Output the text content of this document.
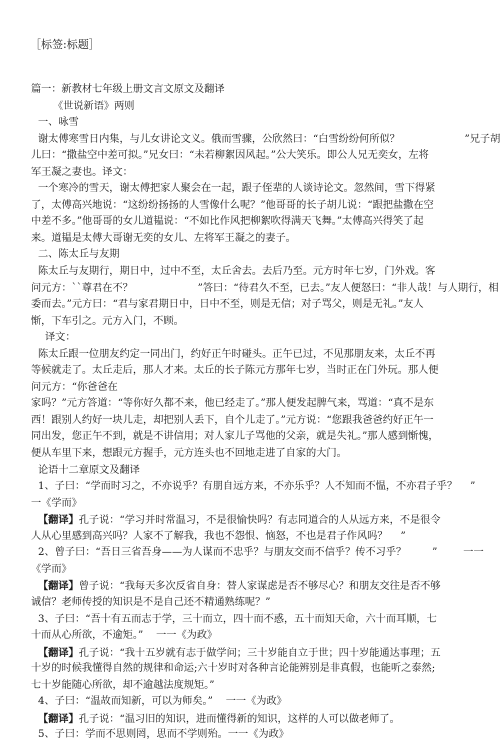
［标签:标题］
篇一：新教材七年级上册文言文原文及翻译
《世说新语》两则
一、咏雪
谢太傅寒雪日内集，与儿女讲论文义。俄而雪骤，公欣然曰：“白雪纷纷何所似？                    ”兄子胡
儿曰：“撒盐空中差可拟。”兄女曰：“未若柳絮因风起。”公大笑乐。即公人兄无奕女，左将
军王凝之妻也。译文：
一个寒冷的雪天，谢太傅把家人聚会在一起，跟子侄辈的人谈诗论文。忽然间，雪下得紧
了，太傅高兴地说：“这纷纷扬扬的人雪像什么呢？”他哥哥的长子胡儿说：“跟把盐撒在空
中差不多。”他哥哥的女儿道韫说：“不如比作风把柳絮吹得满天飞舞。”太傅高兴得笑了起
来。道韫是太傅大哥谢无奕的女儿、左将军王凝之的妻子。
二、陈太丘与友期
陈太丘与友期行，期日中，过中不至，太丘舍去。去后乃至。元方时年七岁，门外戏。客
问元方：``尊君在不？                    ”答曰：“待君久不至，已去。”友人便怒曰：“非人哉！与人期行，相
委而去。”元方曰：“君与家君期日中，日中不至，则是无信；对子骂父，则是无礼。”友人
惭，下车引之。元方入门，不顾。
译文：
陈太丘跟一位朋友约定一同出门，约好正午时碰头。正午已过，不见那朋友来，太丘不再
等候就走了。太丘走后，那人才来。太丘的长子陈元方那年七岁，当时正在门外玩。那人便
问元方：“你爸爸在
家吗？”元方答道：“等你好久都不来，他已经走了。”那人便发起脾气来，骂道：“真不是东
西！跟别人约好一块儿走，却把别人丢下，自个儿走了。”元方说：“您跟我爸爸约好正午一
同出发，您正午不到，就是不讲信用；对人家儿子骂他的父亲，就是失礼。”那人感到惭愧，
便从车里下来，想跟元方握手，元方连头也不回地走进了自家的大门。
论语十二章原文及翻译
1、子曰：“学而时习之，不亦说乎？有朋自远方来，不亦乐乎？人不知而不愠，不亦君子乎？    ”
一《学而》
【翻译】孔子说：“学习并时常温习，不是很愉快吗？有志同道合的人从远方来，不是很令
人从心里感到高兴吗？人家不了解我，我也不怨恨、恼怒，不也是君子作风吗？    ”
2、曾子曰：“吾日三省吾身——为人谋而不忠乎？与朋友交而不信乎？传不习乎？        ”        一一
《学而》
【翻译】曾子说：“我每天多次反省自身：替人家谋虑是否不够尽心？和朋友交往是否不够
诚信？老师传授的知识是不是自己还不精通熟练呢？”
3、子曰：“吾十有五而志于学，三十而立，四十而不惑，五十而知天命，六十而耳顺，七
十而从心所欲，不逾矩。”    一一《为政》
【翻译】孔子说：“我十五岁就有志于做学问；三十岁能自立于世；四十岁能通达事理；五
十岁的时候我懂得自然的规律和命运;六十岁时对各种言论能辨别是非真假，也能听之泰然;
七十岁能随心所欲，却不逾越法度规矩。”
4、子曰：“温故而知新，可以为师矣。”    一一《为政》
【翻译】孔子说：“温习旧的知识，进而懂得新的知识，这样的人可以做老师了。
5、子曰：学而不思则罔，思而不学则殆。一一《为政》
